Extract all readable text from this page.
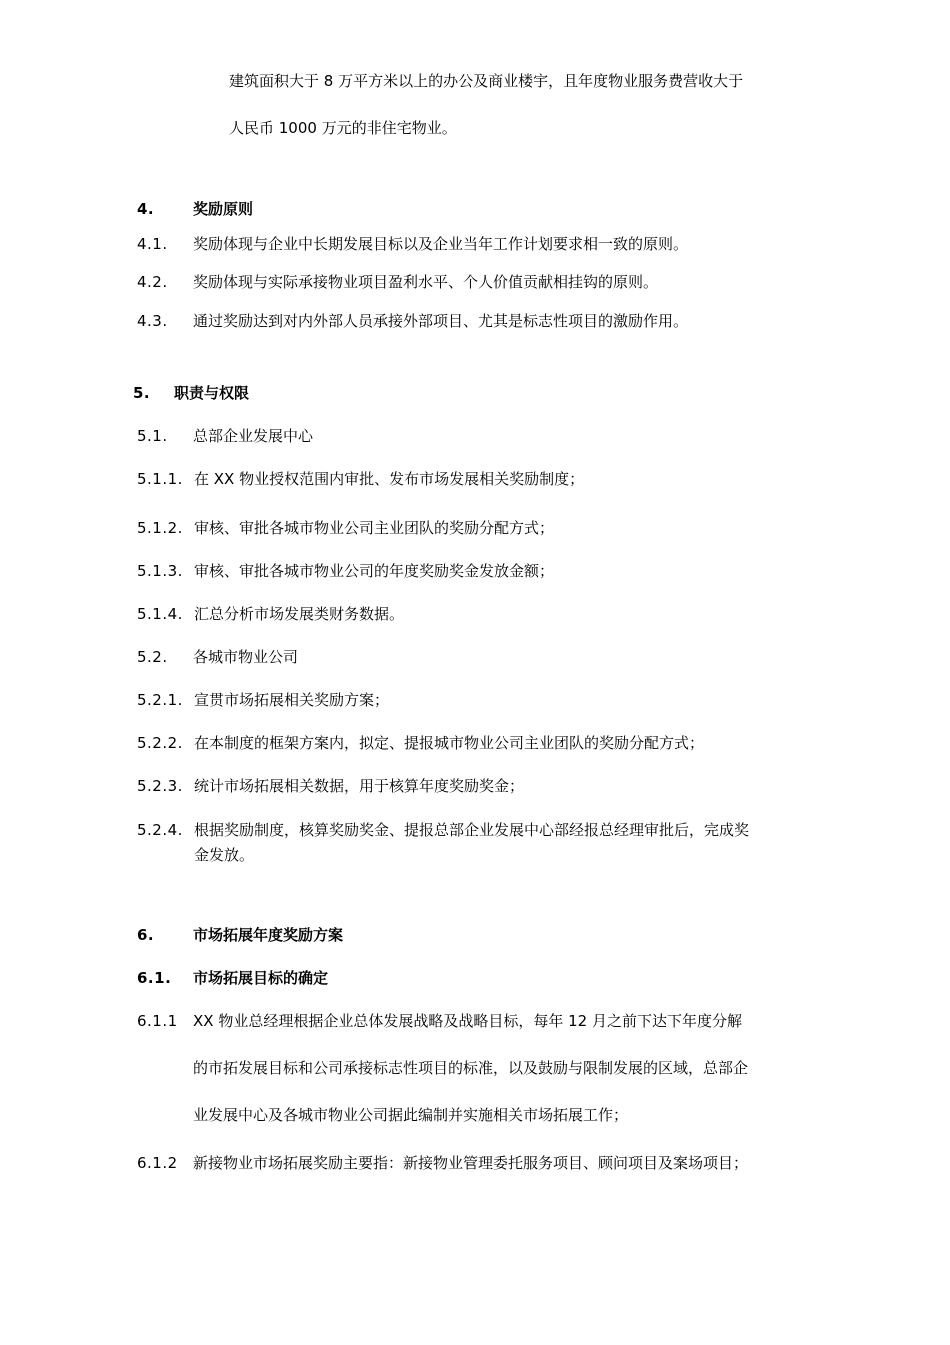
建筑面积大于 8 万平方米以上的办公及商业楼宇，且年度物业服务费营收大于
人民币 1000 万元的非住宅物业。
4.	奖励原则
4.1. 奖励体现与企业中长期发展目标以及企业当年工作计划要求相一致的原则。
4.2. 奖励体现与实际承接物业项目盈利水平、个人价值贡献相挂钩的原则。
4.3. 通过奖励达到对内外部人员承接外部项目、尤其是标志性项目的激励作用。
5. 职责与权限
5.1. 总部企业发展中心
5.1.1. 在 XX 物业授权范围内审批、发布市场发展相关奖励制度；
5.1.2. 审核、审批各城市物业公司主业团队的奖励分配方式；
5.1.3. 审核、审批各城市物业公司的年度奖励奖金发放金额；
5.1.4. 汇总分析市场发展类财务数据。
5.2. 各城市物业公司
5.2.1. 宣贯市场拓展相关奖励方案；
5.2.2. 在本制度的框架方案内，拟定、提报城市物业公司主业团队的奖励分配方式；
5.2.3. 统计市场拓展相关数据，用于核算年度奖励奖金；
5.2.4. 根据奖励制度，核算奖励奖金、提报总部企业发展中心部经报总经理审批后，完成奖
金发放。
6.	市场拓展年度奖励方案
6.1. 市场拓展目标的确定
6.1.1 XX 物业总经理根据企业总体发展战略及战略目标，每年 12 月之前下达下年度分解
的市拓发展目标和公司承接标志性项目的标准，以及鼓励与限制发展的区域，总部企
业发展中心及各城市物业公司据此编制并实施相关市场拓展工作；
6.1.2 新接物业市场拓展奖励主要指：新接物业管理委托服务项目、顾问项目及案场项目；
